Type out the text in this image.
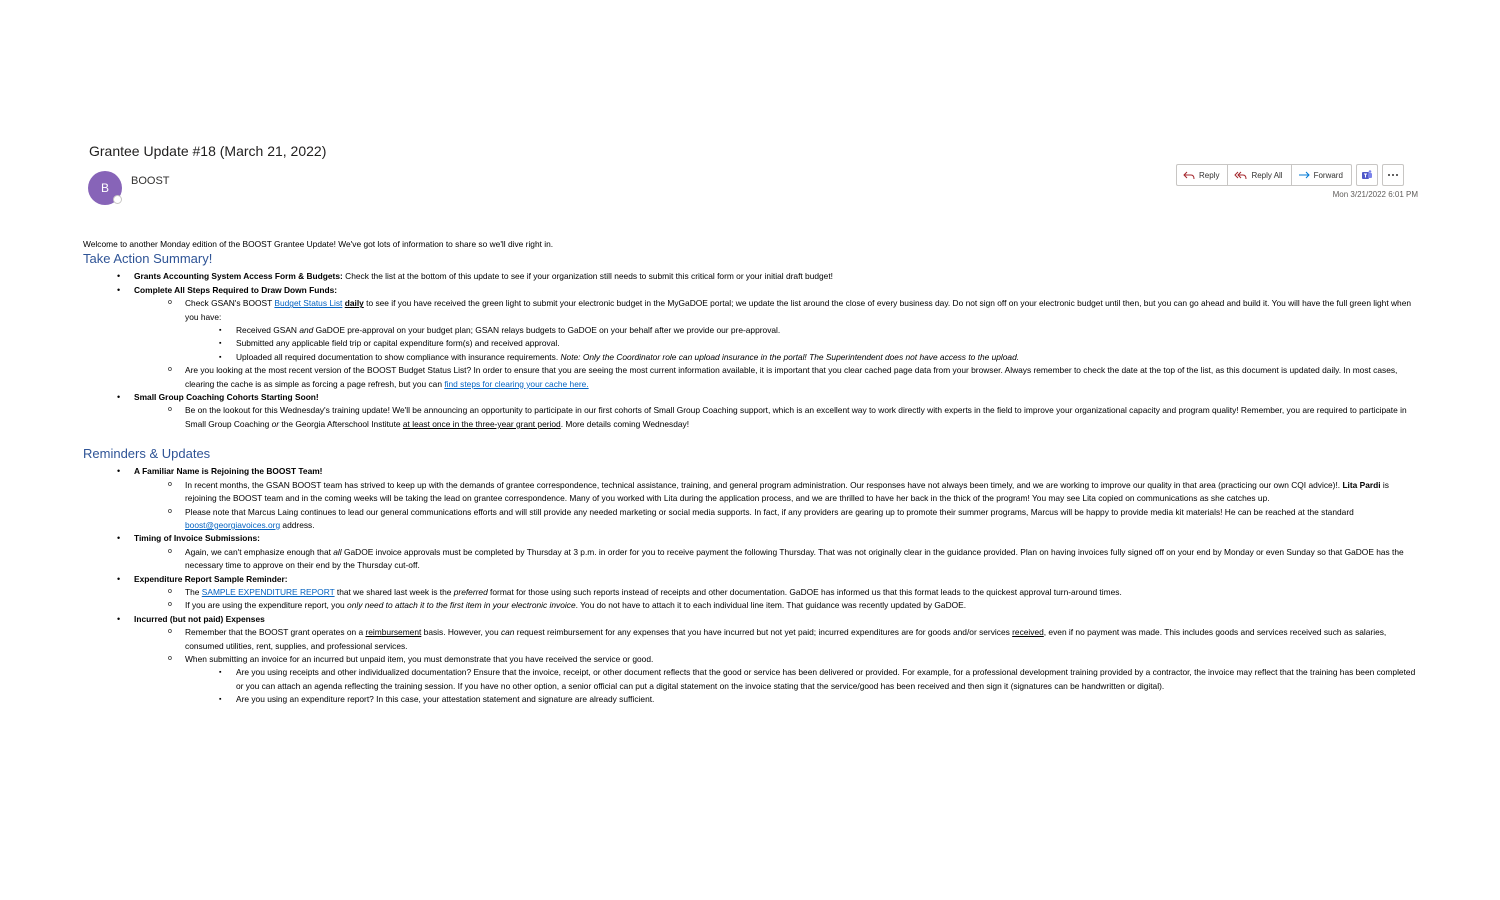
Grantee Update #18 (March 21, 2022)
B BOOST	Reply	Reply All	Forward
Mon 3/21/2022 6:01 PM

Welcome to another Monday edition of the BOOST Grantee Update! We've got lots of information to share so we'll dive right in.

Take Action Summary!
• Grants Accounting System Access Form & Budgets: Check the list at the bottom of this update to see if your organization still needs to submit this critical form or your initial draft budget!
• Complete All Steps Required to Draw Down Funds:
o Check GSAN's BOOST Budget Status List daily to see if you have received the green light to submit your electronic budget in the MyGaDOE portal; we update the list around the close of every business day. Do not sign off on your electronic budget until then, but you can go ahead and build it. You will have the full green light when you have:
▪ Received GSAN and GaDOE pre-approval on your budget plan; GSAN relays budgets to GaDOE on your behalf after we provide our pre-approval.
▪ Submitted any applicable field trip or capital expenditure form(s) and received approval.
▪ Uploaded all required documentation to show compliance with insurance requirements. Note: Only the Coordinator role can upload insurance in the portal! The Superintendent does not have access to the upload.
o Are you looking at the most recent version of the BOOST Budget Status List? In order to ensure that you are seeing the most current information available, it is important that you clear cached page data from your browser. Always remember to check the date at the top of the list, as this document is updated daily. In most cases, clearing the cache is as simple as forcing a page refresh, but you can find steps for clearing your cache here.
• Small Group Coaching Cohorts Starting Soon!
o Be on the lookout for this Wednesday's training update! We'll be announcing an opportunity to participate in our first cohorts of Small Group Coaching support, which is an excellent way to work directly with experts in the field to improve your organizational capacity and program quality! Remember, you are required to participate in Small Group Coaching or the Georgia Afterschool Institute at least once in the three-year grant period. More details coming Wednesday!
Reminders & Updates
• A Familiar Name is Rejoining the BOOST Team!
o In recent months, the GSAN BOOST team has strived to keep up with the demands of grantee correspondence, technical assistance, training, and general program administration. Our responses have not always been timely, and we are working to improve our quality in that area (practicing our own CQI advice)!. Lita Pardi is rejoining the BOOST team and in the coming weeks will be taking the lead on grantee correspondence. Many of you worked with Lita during the application process, and we are thrilled to have her back in the thick of the program! You may see Lita copied on communications as she catches up.
o Please note that Marcus Laing continues to lead our general communications efforts and will still provide any needed marketing or social media supports. In fact, if any providers are gearing up to promote their summer programs, Marcus will be happy to provide media kit materials! He can be reached at the standard boost@georgiavoices.org address.
• Timing of Invoice Submissions:
o Again, we can't emphasize enough that all GaDOE invoice approvals must be completed by Thursday at 3 p.m. in order for you to receive payment the following Thursday. That was not originally clear in the guidance provided. Plan on having invoices fully signed off on your end by Monday or even Sunday so that GaDOE has the necessary time to approve on their end by the Thursday cut-off.
• Expenditure Report Sample Reminder:
o The SAMPLE EXPENDITURE REPORT that we shared last week is the preferred format for those using such reports instead of receipts and other documentation. GaDOE has informed us that this format leads to the quickest approval turn-around times.
o If you are using the expenditure report, you only need to attach it to the first item in your electronic invoice. You do not have to attach it to each individual line item. That guidance was recently updated by GaDOE.
• Incurred (but not paid) Expenses
o Remember that the BOOST grant operates on a reimbursement basis. However, you can request reimbursement for any expenses that you have incurred but not yet paid; incurred expenditures are for goods and/or services received, even if no payment was made. This includes goods and services received such as salaries, consumed utilities, rent, supplies, and professional services.
o When submitting an invoice for an incurred but unpaid item, you must demonstrate that you have received the service or good.
▪ Are you using receipts and other individualized documentation? Ensure that the invoice, receipt, or other document reflects that the good or service has been delivered or provided. For example, for a professional development training provided by a contractor, the invoice may reflect that the training has been completed or you can attach an agenda reflecting the training session. If you have no other option, a senior official can put a digital statement on the invoice stating that the service/good has been received and then sign it (signatures can be handwritten or digital).
▪ Are you using an expenditure report? In this case, your attestation statement and signature are already sufficient.
